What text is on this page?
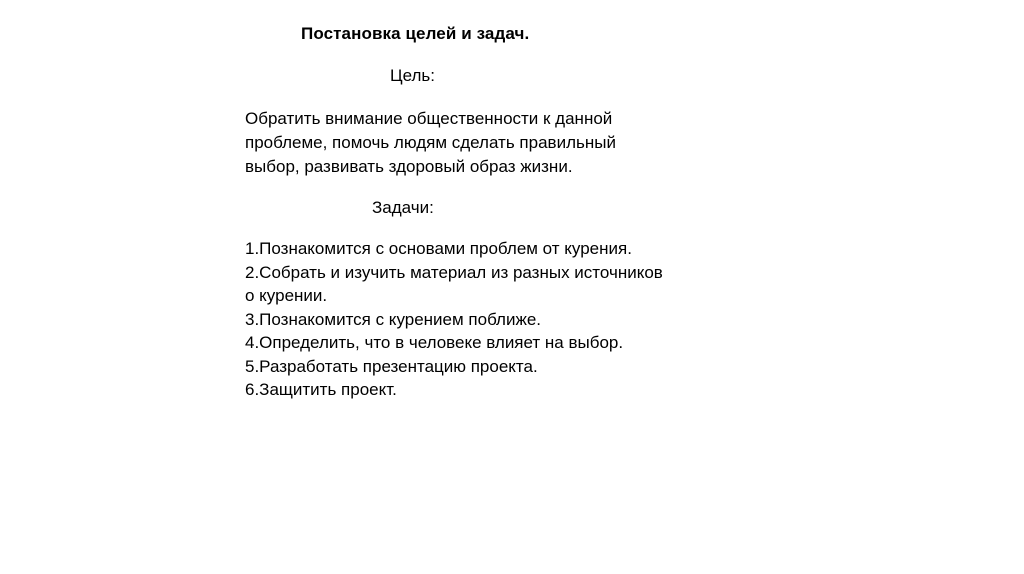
Постановка целей и задач.
Цель:
Обратить внимание общественности к данной проблеме, помочь людям сделать правильный выбор, развивать здоровый образ жизни.
Задачи:
1.Познакомится с основами проблем от курения.
2.Собрать и изучить материал из разных источников о курении.
3.Познакомится с курением поближе.
4.Определить, что в человеке влияет на выбор.
5.Разработать презентацию проекта.
6.Защитить проект.
